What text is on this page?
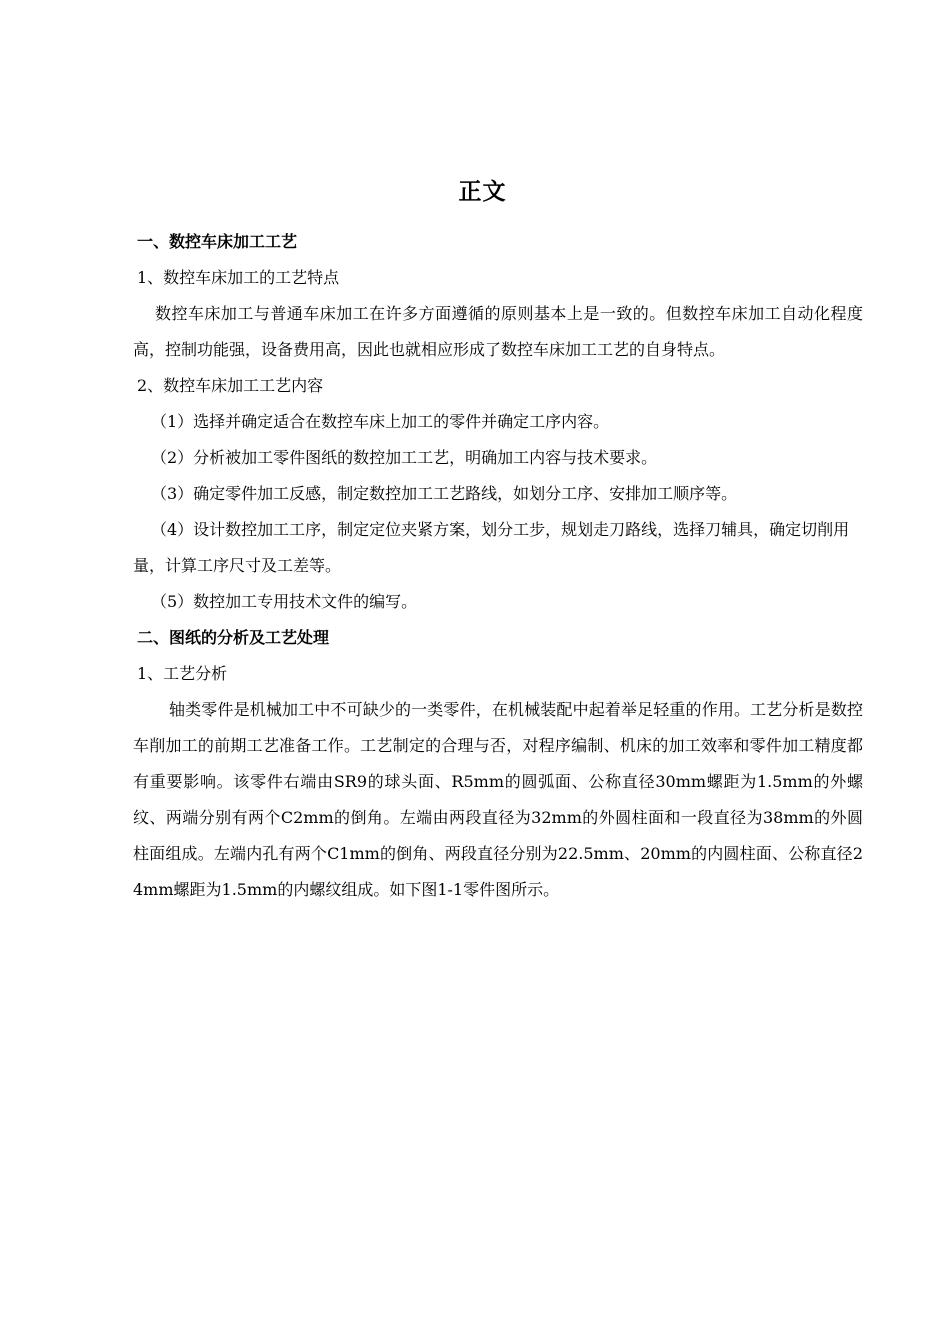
正文
一、数控车床加工工艺
1、数控车床加工的工艺特点
数控车床加工与普通车床加工在许多方面遵循的原则基本上是一致的。但数控车床加工自动化程度高，控制功能强，设备费用高，因此也就相应形成了数控车床加工工艺的自身特点。
2、数控车床加工工艺内容
（1）选择并确定适合在数控车床上加工的零件并确定工序内容。
（2）分析被加工零件图纸的数控加工工艺，明确加工内容与技术要求。
（3）确定零件加工反感，制定数控加工工艺路线，如划分工序、安排加工顺序等。
（4）设计数控加工工序，制定定位夹紧方案，划分工步，规划走刀路线，选择刀辅具，确定切削用量，计算工序尺寸及工差等。
（5）数控加工专用技术文件的编写。
二、图纸的分析及工艺处理
1、工艺分析
轴类零件是机械加工中不可缺少的一类零件，在机械装配中起着举足轻重的作用。工艺分析是数控车削加工的前期工艺准备工作。工艺制定的合理与否，对程序编制、机床的加工效率和零件加工精度都有重要影响。该零件右端由SR9的球头面、R5mm的圆弧面、公称直径30mm螺距为1.5mm的外螺纹、两端分别有两个C2mm的倒角。左端由两段直径为32mm的外圆柱面和一段直径为38mm的外圆柱面组成。左端内孔有两个C1mm的倒角、两段直径分别为22.5mm、20mm的内圆柱面、公称直径24mm螺距为1.5mm的内螺纹组成。如下图1-1零件图所示。
